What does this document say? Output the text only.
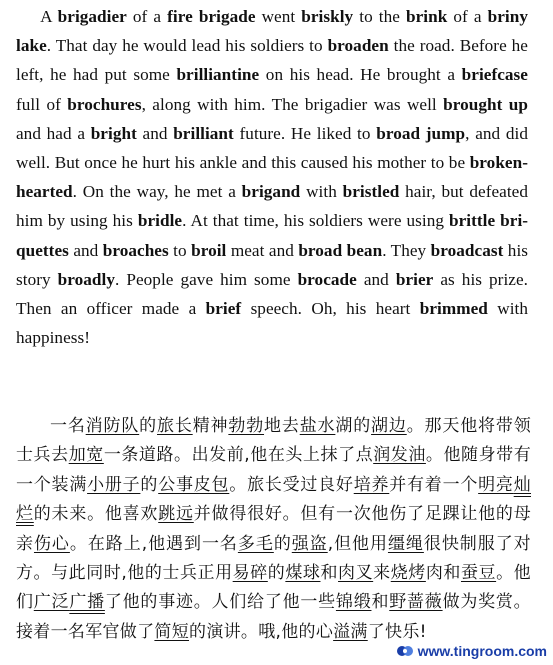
A brigadier of a fire brigade went briskly to the brink of a briny lake. That day he would lead his soldiers to broaden the road. Before he left, he had put some brilliantine on his head. He brought a briefcase full of brochures, along with him. The brigadier was well brought up and had a bright and brilliant future. He liked to broad jump, and did well. But once he hurt his ankle and this caused his mother to be broken-hearted. On the way, he met a brigand with bristled hair, but defeated him by using his bridle. At that time, his soldiers were using brittle briquettes and broaches to broil meat and broad bean. They broadcast his story broadly. People gave him some brocade and brier as his prize. Then an officer made a brief speech. Oh, his heart brimmed with happiness!

一名消防队的旅长精神勃勃地去盐水湖的湖边。那天他将带领士兵去加宽一条道路。出发前,他在头上抹了点润发油。他随身带有一个装满小册子的公事皮包。旅长受过良好培养并有着一个明亮灿烂的未来。他喜欢跳远并做得很好。但有一次他伤了足踝让他的母亲伤心。在路上,他遇到一名多毛的强盗,但他用缰绳很快制服了对方。与此同时,他的士兵正用易碎的煤球和肉叉来烧烤肉和蚕豆。他们广泛广播了他的事迹。人们给了他一些锦缎和野蔷薇做为奖赏。接着一名军官做了简短的演讲。哦,他的心溢满了快乐!

www.tingroom.com
